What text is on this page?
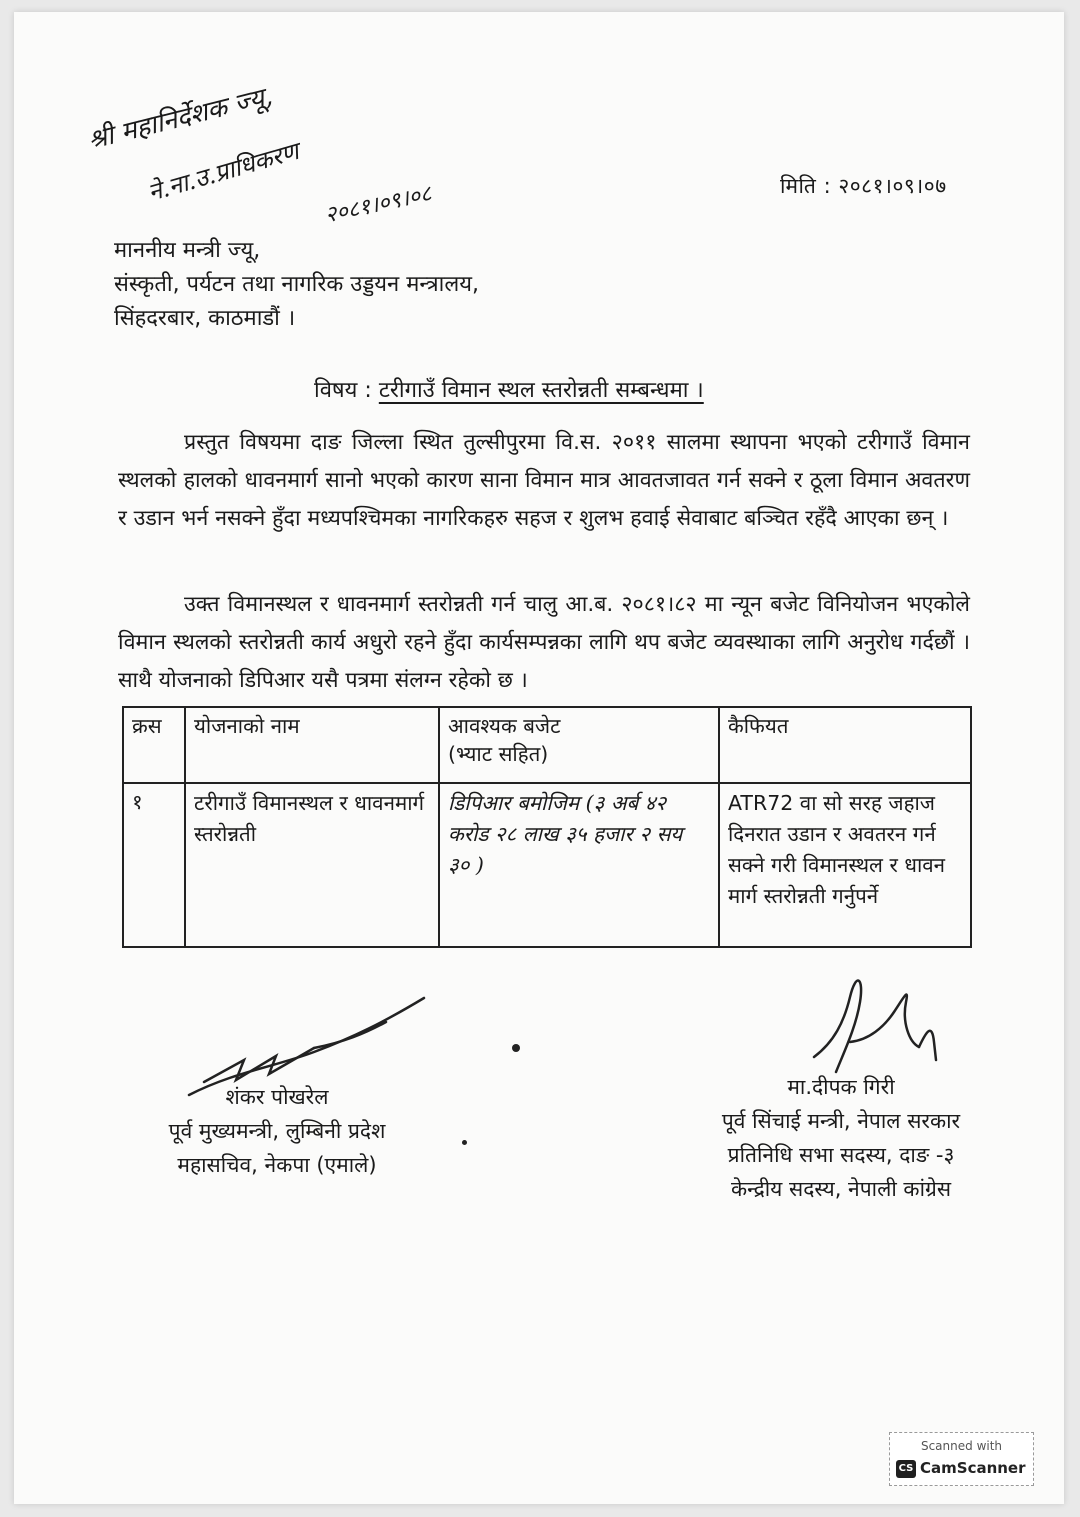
श्री महानिर्देशक ज्यू,
ने.ना.उ.प्राधिकरण २०८१।०९।०८	मिति : २०८१।०९।०७
माननीय मन्त्री ज्यू,
संस्कृती, पर्यटन तथा नागरिक उड्डयन मन्त्रालय,
सिंहदरबार, काठमाडौं ।
विषय : टरीगाउँ विमान स्थल स्तरोन्नती सम्बन्धमा ।

प्रस्तुत विषयमा दाङ जिल्ला स्थित तुल्सीपुरमा वि.स. २०११ सालमा स्थापना भएको टरीगाउँ विमान स्थलको हालको धावनमार्ग सानो भएको कारण साना विमान मात्र आवतजावत गर्न सक्ने र ठूला विमान अवतरण र उडान भर्न नसक्ने हुँदा मध्यपश्चिमका नागरिकहरु सहज र शुलभ हवाई सेवाबाट बञ्चित रहँदै आएका छन् ।

उक्त विमानस्थल र धावनमार्ग स्तरोन्नती गर्न चालु आ.ब. २०८१।८२ मा न्यून बजेट विनियोजन भएकोले विमान स्थलको स्तरोन्नती कार्य अधुरो रहने हुँदा कार्यसम्पन्नका लागि थप बजेट व्यवस्थाका लागि अनुरोध गर्दछौं । साथै योजनाको डिपिआर यसै पत्रमा संलग्न रहेको छ ।

क्रस	योजनाको नाम	आवश्यक बजेट
(भ्याट सहित)	कैफियत
१	टरीगाउँ विमानस्थल र धावनमार्ग स्तरोन्नती	डिपिआर बमोजिम (३ अर्ब ४२ करोड २८ लाख ३५ हजार २ सय ३० )	ATR72 वा सो सरह जहाज दिनरात उडान र अवतरन गर्न सक्ने गरी विमानस्थल र धावन मार्ग स्तरोन्नती गर्नुपर्ने
शंकर पोखरेल
पूर्व मुख्यमन्त्री, लुम्बिनी प्रदेश
महासचिव, नेकपा (एमाले)
मा.दीपक गिरी
पूर्व सिंचाई मन्त्री, नेपाल सरकार
प्रतिनिधि सभा सदस्य, दाङ -३
केन्द्रीय सदस्य, नेपाली कांग्रेस
Scanned with
CS CamScanner
